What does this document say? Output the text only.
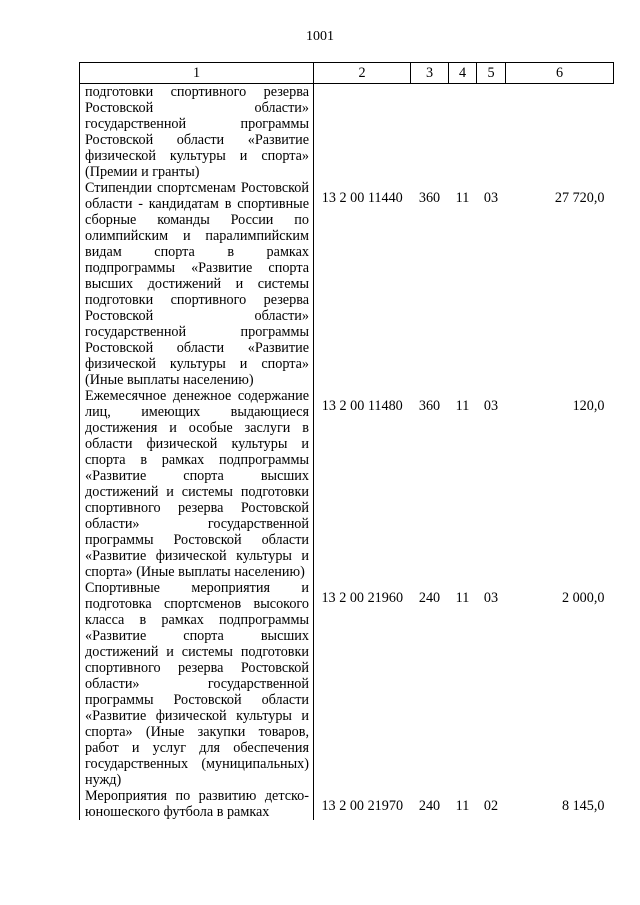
1001
1	2	3	4	5	6
подготовки спортивного резерва Ростовской области» государственной программы Ростовской области «Развитие физической культуры и спорта» (Премии и гранты)					
Стипендии спортсменам Ростовской области - кандидатам в спортивные сборные команды России по олимпийским и паралимпийским видам спорта в рамках подпрограммы «Развитие спорта высших достижений и системы подготовки спортивного резерва Ростовской области» государственной программы Ростовской области «Развитие физической культуры и спорта» (Иные выплаты населению)	13 2 00 11440	360	11	03	27 720,0
Ежемесячное денежное содержание лиц, имеющих выдающиеся достижения и особые заслуги в области физической культуры и спорта в рамках подпрограммы «Развитие спорта высших достижений и системы подготовки спортивного резерва Ростовской области» государственной программы Ростовской области «Развитие физической культуры и спорта» (Иные выплаты населению)	13 2 00 11480	360	11	03	120,0
Спортивные мероприятия и подготовка спортсменов высокого класса в рамках подпрограммы «Развитие спорта высших достижений и системы подготовки спортивного резерва Ростовской области» государственной программы Ростовской области «Развитие физической культуры и спорта» (Иные закупки товаров, работ и услуг для обеспечения государственных (муниципальных) нужд)	13 2 00 21960	240	11	03	2 000,0
Мероприятия по развитию детско-юношеского футбола в рамках	13 2 00 21970	240	11	02	8 145,0
